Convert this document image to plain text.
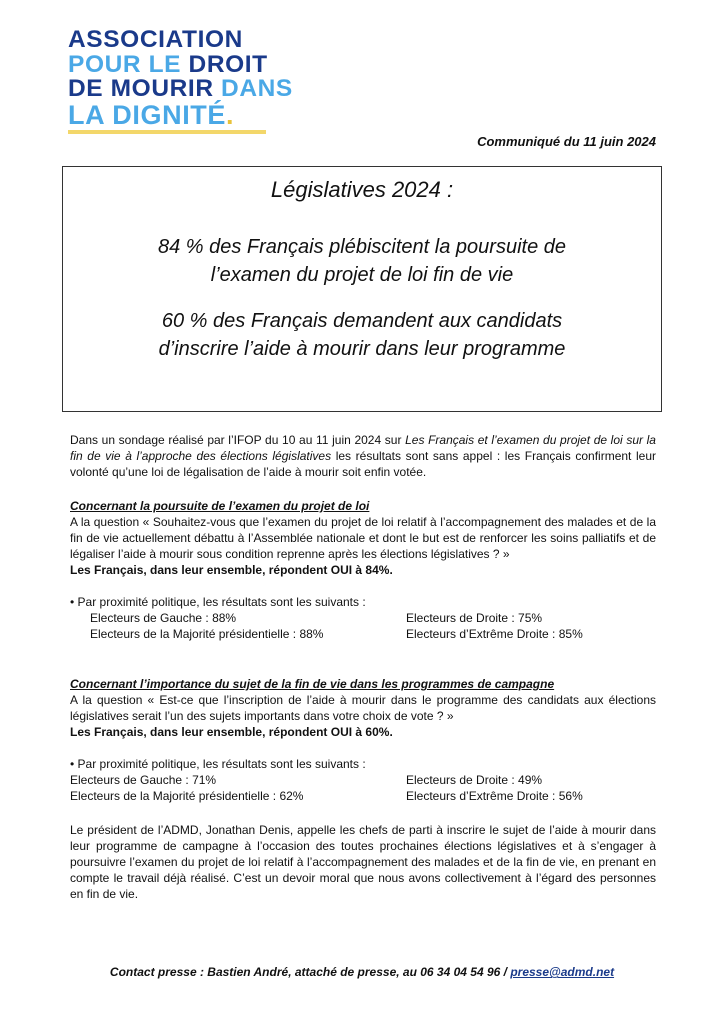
ASSOCIATION
POUR LE DROIT
DE MOURIR DANS
LA DIGNITÉ.
Communiqué du 11 juin 2024
Législatives 2024 :
84 % des Français plébiscitent la poursuite de
l’examen du projet de loi fin de vie
60 % des Français demandent aux candidats
d’inscrire l’aide à mourir dans leur programme
Dans un sondage réalisé par l’IFOP du 10 au 11 juin 2024 sur Les Français et l’examen du projet de loi sur la fin de vie à l’approche des élections législatives les résultats sont sans appel : les Français confirment leur volonté qu’une loi de légalisation de l’aide à mourir soit enfin votée.
Concernant la poursuite de l’examen du projet de loi
A la question « Souhaitez-vous que l’examen du projet de loi relatif à l’accompagnement des malades et de la fin de vie actuellement débattu à l’Assemblée nationale et dont le but est de renforcer les soins palliatifs et de légaliser l’aide à mourir sous condition reprenne après les élections législatives ? »
Les Français, dans leur ensemble, répondent OUI à 84%.
• Par proximité politique, les résultats sont les suivants :
Electeurs de Gauche : 88%	Electeurs de Droite : 75%
Electeurs de la Majorité présidentielle : 88%	Electeurs d’Extrême Droite : 85%
Concernant l’importance du sujet de la fin de vie dans les programmes de campagne
A la question « Est-ce que l’inscription de l’aide à mourir dans le programme des candidats aux élections législatives serait l’un des sujets importants dans votre choix de vote ? »
Les Français, dans leur ensemble, répondent OUI à 60%.
• Par proximité politique, les résultats sont les suivants :
Electeurs de Gauche : 71%	Electeurs de Droite : 49%
Electeurs de la Majorité présidentielle : 62%	Electeurs d’Extrême Droite : 56%
Le président de l’ADMD, Jonathan Denis, appelle les chefs de parti à inscrire le sujet de l’aide à mourir dans leur programme de campagne à l’occasion des toutes prochaines élections législatives et à s’engager à poursuivre l’examen du projet de loi relatif à l’accompagnement des malades et de la fin de vie, en prenant en compte le travail déjà réalisé. C’est un devoir moral que nous avons collectivement à l’égard des personnes en fin de vie.
Contact presse : Bastien André, attaché de presse, au 06 34 04 54 96 / presse@admd.net
